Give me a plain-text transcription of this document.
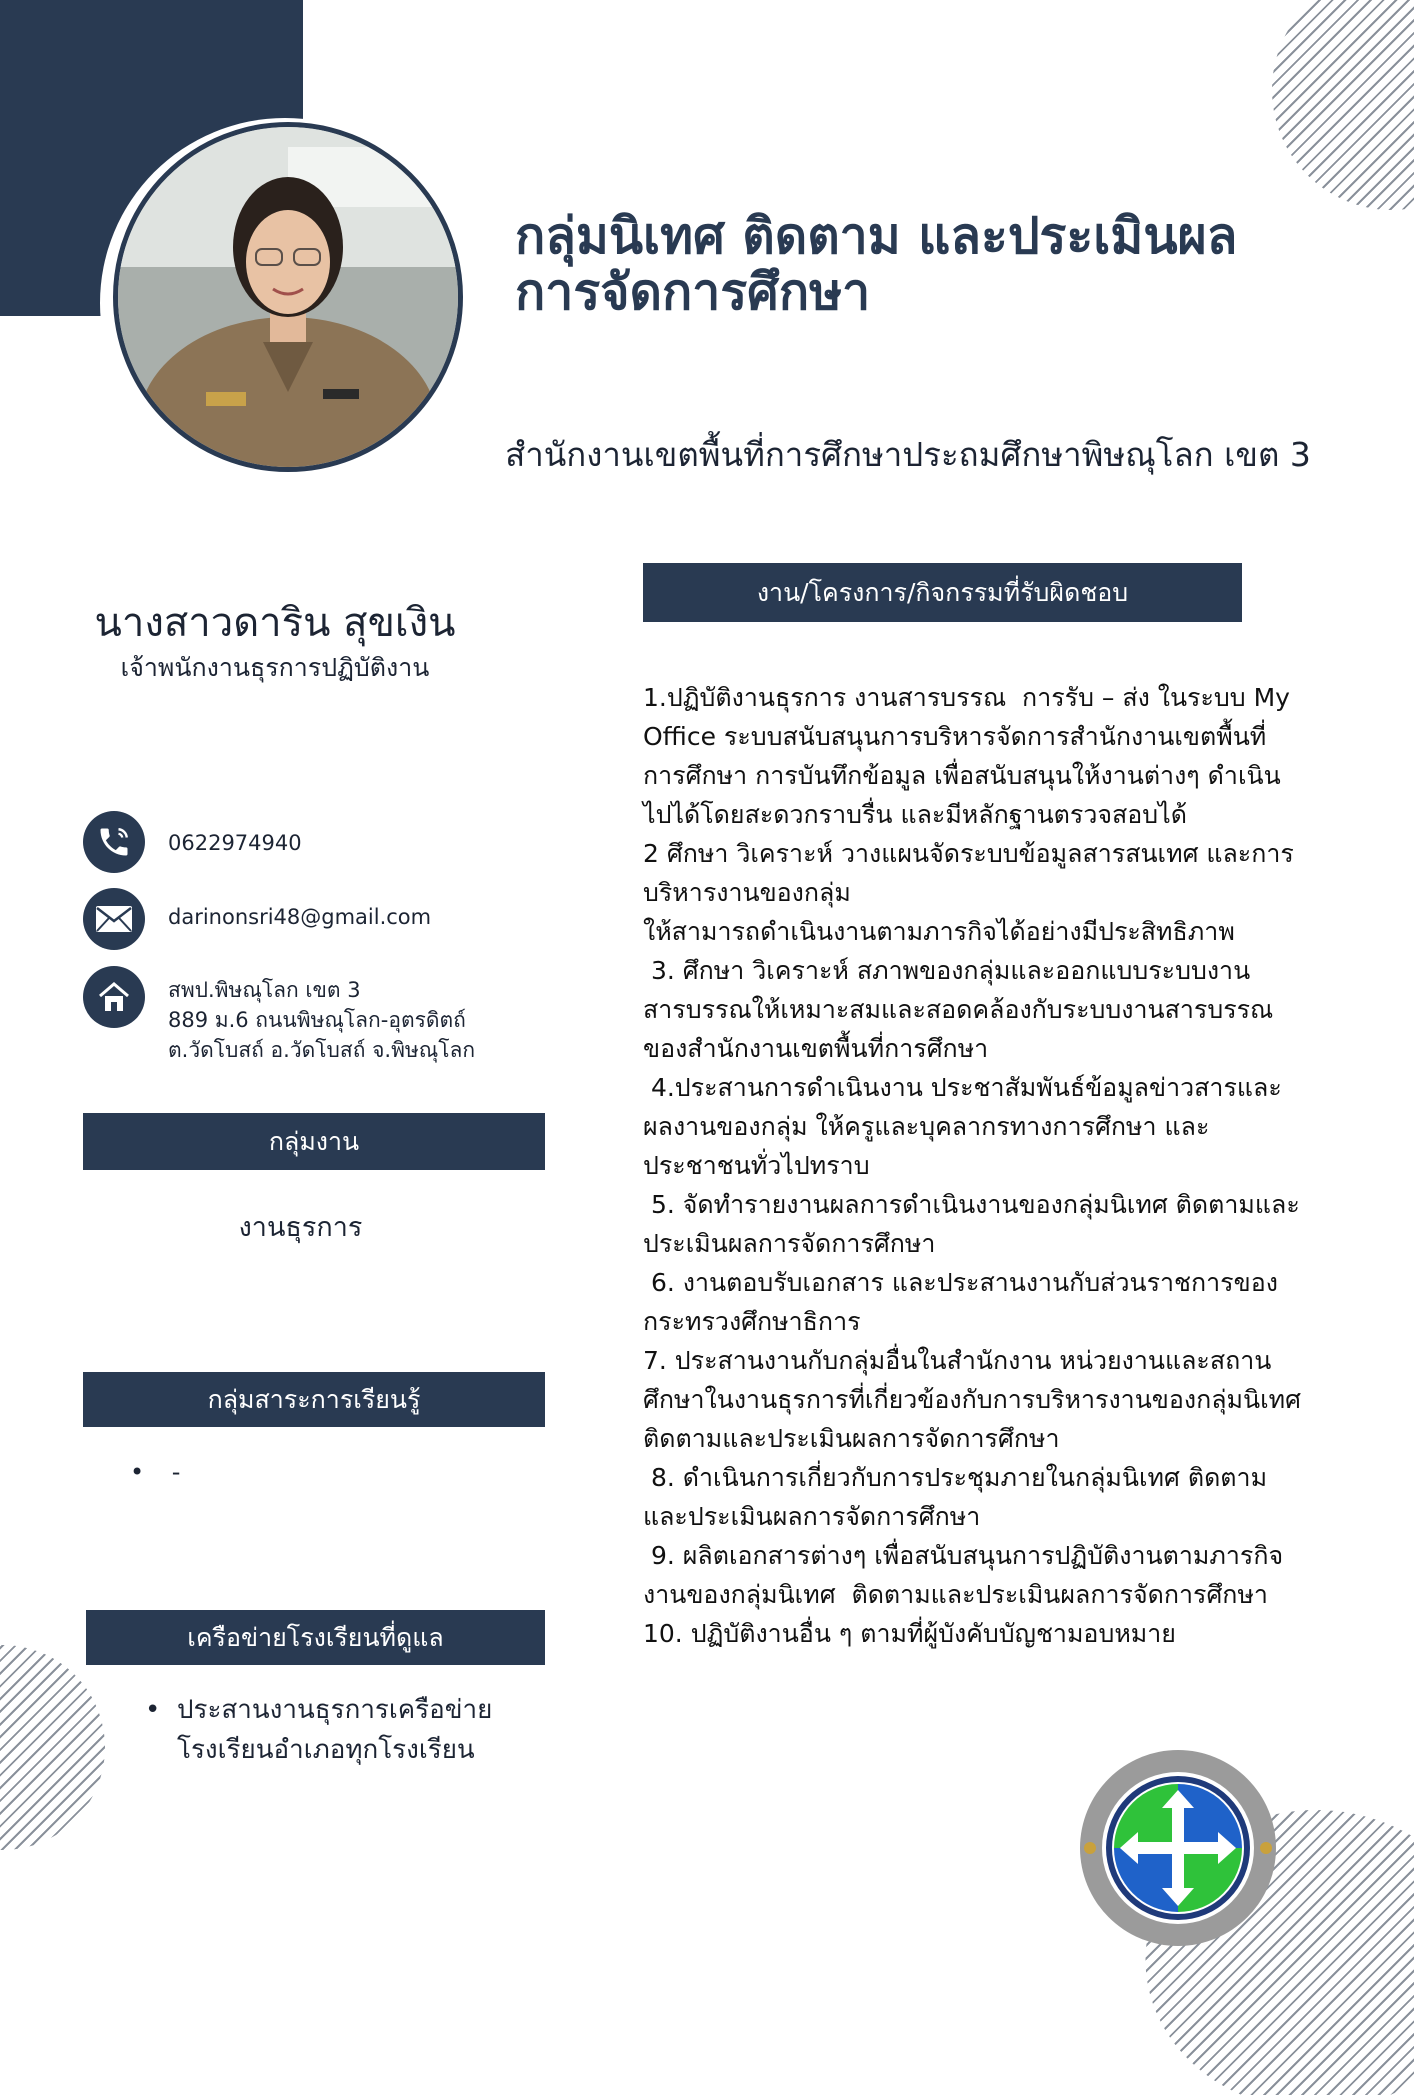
กลุ่มนิเทศ ติดตาม และประเมินผล
การจัดการศึกษา
สำนักงานเขตพื้นที่การศึกษาประถมศึกษาพิษณุโลก เขต 3
นางสาวดาริน สุขเงิน
เจ้าพนักงานธุรการปฏิบัติงาน
0622974940
darinonsri48@gmail.com
สพป.พิษณุโลก เขต 3
889 ม.6 ถนนพิษณุโลก-อุตรดิตถ์
ต.วัดโบสถ์ อ.วัดโบสถ์ จ.พิษณุโลก
กลุ่มงาน
งานธุรการ
กลุ่มสาระการเรียนรู้
• -
เครือข่ายโรงเรียนที่ดูแล
• ประสานงานธุรการเครือข่าย
โรงเรียนอำเภอทุกโรงเรียน
งาน/โครงการ/กิจกรรมที่รับผิดชอบ

1.ปฏิบัติงานธุรการ งานสารบรรณ  การรับ – ส่ง ในระบบ My  Office ระบบสนับสนุนการบริหารจัดการสำนักงานเขตพื้นที่การศึกษา การบันทึกข้อมูล เพื่อสนับสนุนให้งานต่างๆ ดำเนินไปได้โดยสะดวกราบรื่น และมีหลักฐานตรวจสอบได้

2 ศึกษา วิเคราะห์ วางแผนจัดระบบข้อมูลสารสนเทศ และการบริหารงานของกลุ่ม
ให้สามารถดำเนินงานตามภารกิจได้อย่างมีประสิทธิภาพ

3. ศึกษา วิเคราะห์ สภาพของกลุ่มและออกแบบระบบงานสารบรรณให้เหมาะสมและสอดคล้องกับระบบงานสารบรรณของสำนักงานเขตพื้นที่การศึกษา

4.ประสานการดำเนินงาน ประชาสัมพันธ์ข้อมูลข่าวสารและผลงานของกลุ่ม ให้ครูและบุคลากรทางการศึกษา และประชาชนทั่วไปทราบ

5. จัดทำรายงานผลการดำเนินงานของกลุ่มนิเทศ ติดตามและประเมินผลการจัดการศึกษา

6. งานตอบรับเอกสาร และประสานงานกับส่วนราชการของกระทรวงศึกษาธิการ

7. ประสานงานกับกลุ่มอื่นในสำนักงาน หน่วยงานและสถานศึกษาในงานธุรการที่เกี่ยวข้องกับการบริหารงานของกลุ่มนิเทศ ติดตามและประเมินผลการจัดการศึกษา

8. ดำเนินการเกี่ยวกับการประชุมภายในกลุ่มนิเทศ ติดตามและประเมินผลการจัดการศึกษา

9. ผลิตเอกสารต่างๆ เพื่อสนับสนุนการปฏิบัติงานตามภารกิจงานของกลุ่มนิเทศ  ติดตามและประเมินผลการจัดการศึกษา

10. ปฏิบัติงานอื่น ๆ ตามที่ผู้บังคับบัญชามอบหมาย
